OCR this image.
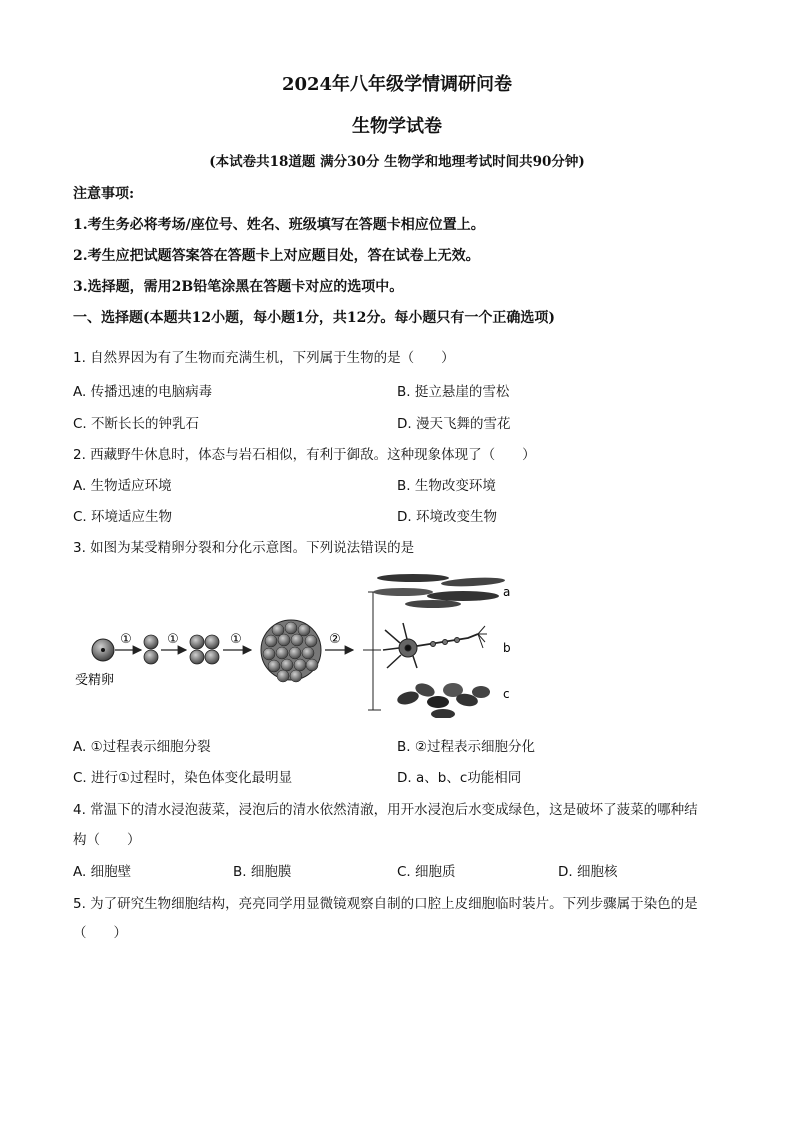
2024年八年级学情调研问卷
生物学试卷
(本试卷共18道题 满分30分 生物学和地理考试时间共90分钟)
注意事项:
1.考生务必将考场/座位号、姓名、班级填写在答题卡相应位置上。
2.考生应把试题答案答在答题卡上对应题目处，答在试卷上无效。
3.选择题，需用2B铅笔涂黑在答题卡对应的选项中。
一、选择题(本题共12小题，每小题1分，共12分。每小题只有一个正确选项)
1. 自然界因为有了生物而充满生机，下列属于生物的是（　　）
A. 传播迅速的电脑病毒	B. 挺立悬崖的雪松
C. 不断长长的钟乳石	D. 漫天飞舞的雪花
2. 西藏野牛休息时，体态与岩石相似，有利于御敌。这种现象体现了（　　）
A. 生物适应环境	B. 生物改变环境
C. 环境适应生物	D. 环境改变生物
3. 如图为某受精卵分裂和分化示意图。下列说法错误的是
①	①	①	②
a
b
c
受精卵
A. ①过程表示细胞分裂	B. ②过程表示细胞分化
C. 进行①过程时，染色体变化最明显	D. a、b、c功能相同
4. 常温下的清水浸泡菠菜，浸泡后的清水依然清澈，用开水浸泡后水变成绿色，这是破坏了菠菜的哪种结
构（　　）
A. 细胞壁	B. 细胞膜	C. 细胞质	D. 细胞核
5. 为了研究生物细胞结构，亮亮同学用显微镜观察自制的口腔上皮细胞临时装片。下列步骤属于染色的是
（　　）
